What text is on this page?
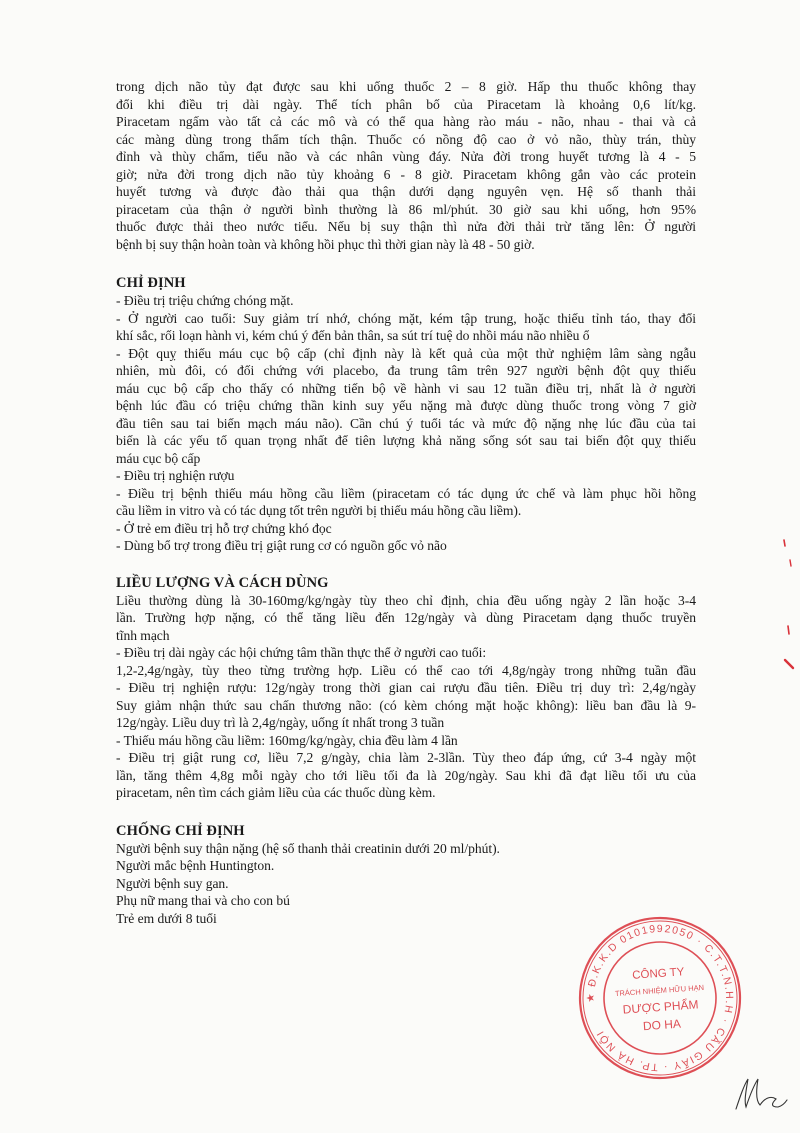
trong dịch não tủy đạt được sau khi uống thuốc 2 – 8 giờ. Hấp thu thuốc không thay
đổi khi điều trị dài ngày. Thể tích phân bố của Piracetam là khoảng 0,6 lít/kg.
Piracetam ngấm vào tất cả các mô và có thể qua hàng rào máu - não, nhau - thai và cả
các màng dùng trong thẩm tích thận. Thuốc có nồng độ cao ở vỏ não, thùy trán, thùy
đỉnh và thùy chẩm, tiểu não và các nhân vùng đáy. Nửa đời trong huyết tương là 4 - 5
giờ; nửa đời trong dịch não tủy khoảng 6 - 8 giờ. Piracetam không gắn vào các protein
huyết tương và được đào thải qua thận dưới dạng nguyên vẹn. Hệ số thanh thải
piracetam của thận ở người bình thường là 86 ml/phút. 30 giờ sau khi uống, hơn 95%
thuốc được thải theo nước tiểu. Nếu bị suy thận thì nửa đời thải trừ tăng lên: Ở người
bệnh bị suy thận hoàn toàn và không hồi phục thì thời gian này là 48 - 50 giờ.
CHỈ ĐỊNH
- Điều trị triệu chứng chóng mặt.
- Ở người cao tuổi: Suy giảm trí nhớ, chóng mặt, kém tập trung, hoặc thiếu tỉnh táo, thay đổi
khí sắc, rối loạn hành vi, kém chú ý đến bản thân, sa sút trí tuệ do nhồi máu não nhiều ổ
- Đột quỵ thiếu máu cục bộ cấp (chỉ định này là kết quả của một thử nghiệm lâm sàng ngẫu
nhiên, mù đôi, có đối chứng với placebo, đa trung tâm trên 927 người bệnh đột quỵ thiếu
máu cục bộ cấp cho thấy có những tiến bộ về hành vi sau 12 tuần điều trị, nhất là ở người
bệnh lúc đầu có triệu chứng thần kinh suy yếu nặng mà được dùng thuốc trong vòng 7 giờ
đầu tiên sau tai biến mạch máu não). Cần chú ý tuổi tác và mức độ nặng nhẹ lúc đầu của tai
biến là các yếu tố quan trọng nhất để tiên lượng khả năng sống sót sau tai biến đột quỵ thiếu
máu cục bộ cấp
- Điều trị nghiện rượu
- Điều trị bệnh thiếu máu hồng cầu liềm (piracetam có tác dụng ức chế và làm phục hồi hồng
cầu liềm in vitro và có tác dụng tốt trên người bị thiếu máu hồng cầu liềm).
- Ở trẻ em điều trị hỗ trợ chứng khó đọc
- Dùng bổ trợ trong điều trị giật rung cơ có nguồn gốc vỏ não
LIỀU LƯỢNG VÀ CÁCH DÙNG
Liều thường dùng là 30-160mg/kg/ngày tùy theo chỉ định, chia đều uống ngày 2 lần hoặc 3-4
lần. Trường hợp nặng, có thể tăng liều đến 12g/ngày và dùng Piracetam dạng thuốc truyền
tĩnh mạch
- Điều trị dài ngày các hội chứng tâm thần thực thể ở người cao tuổi:
1,2-2,4g/ngày, tùy theo từng trường hợp. Liều có thể cao tới 4,8g/ngày trong những tuần đầu
- Điều trị nghiện rượu: 12g/ngày trong thời gian cai rượu đầu tiên. Điều trị duy trì: 2,4g/ngày
Suy giảm nhận thức sau chấn thương não: (có kèm chóng mặt hoặc không): liều ban đầu là 9-
12g/ngày. Liều duy trì là 2,4g/ngày, uống ít nhất trong 3 tuần
- Thiếu máu hồng cầu liềm: 160mg/kg/ngày, chia đều làm 4 lần
- Điều trị giật rung cơ, liều 7,2 g/ngày, chia làm 2-3lần. Tùy theo đáp ứng, cứ 3-4 ngày một
lần, tăng thêm 4,8g mỗi ngày cho tới liều tối đa là 20g/ngày. Sau khi đã đạt liều tối ưu của
piracetam, nên tìm cách giảm liều của các thuốc dùng kèm.
CHỐNG CHỈ ĐỊNH
Người bệnh suy thận nặng (hệ số thanh thải creatinin dưới 20 ml/phút).
Người mắc bệnh Huntington.
Người bệnh suy gan.
Phụ nữ mang thai và cho con bú
Trẻ em dưới 8 tuổi
★ Đ.K.K.D 0101992050 · C.T.T.N.H.H · CẦU GIẤY · TP. HÀ NỘI
CÔNG TY
TRÁCH NHIỆM HỮU HẠN
DƯỢC PHẨM
DO HA
